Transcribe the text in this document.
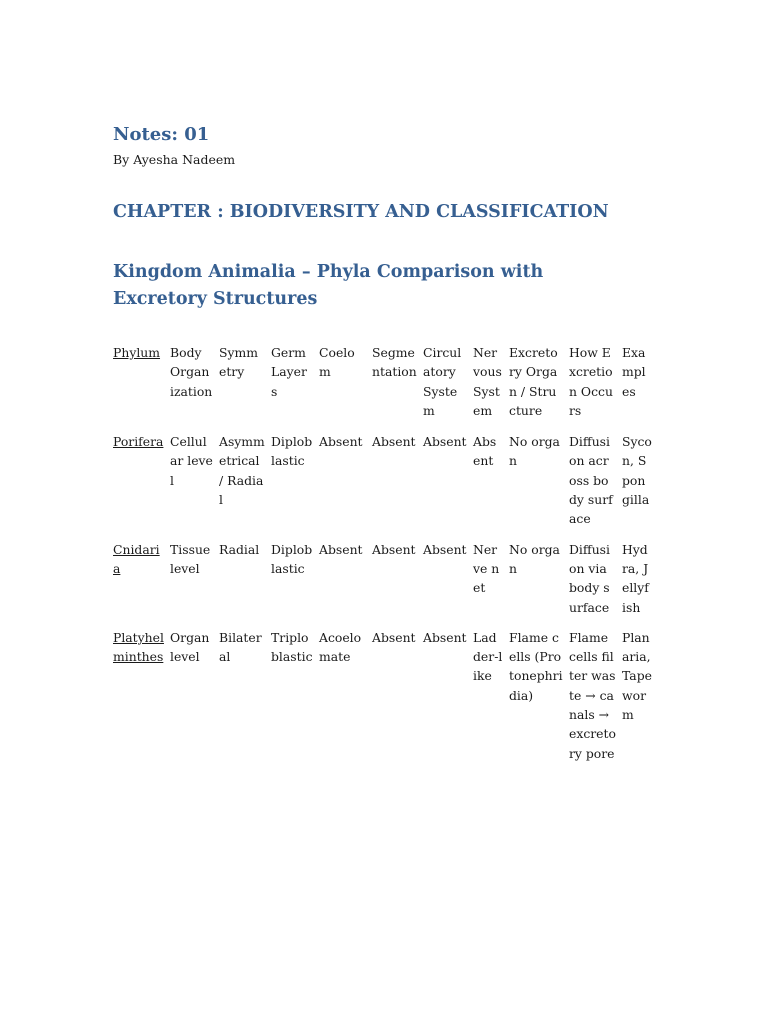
Notes: 01

By Ayesha Nadeem

CHAPTER : BIODIVERSITY AND CLASSIFICATION
Kingdom Animalia – Phyla Comparison with Excretory Structures
Phylum	Body Organization	Symmetry	Germ Layers	Coelom	Segmentation	Circulatory System	Nervous System	Excretory Organ / Structure	How Excretion Occurs	Examples
Porifera	Cellular level	Asymmetrical / Radial	Diploblastic	Absent	Absent	Absent	Absent	No organ	Diffusion across body surface	Sycon, Spongilla
Cnidaria	Tissue level	Radial	Diploblastic	Absent	Absent	Absent	Nerve net	No organ	Diffusion via body surface	Hydra, Jellyfish
Platyhelminthes	Organ level	Bilateral	Triploblastic	Acoelomate	Absent	Absent	Ladder-like	Flame cells (Protonephridia)	Flame cells filter waste → canals → excretory pore	Planaria, Tapeworm
